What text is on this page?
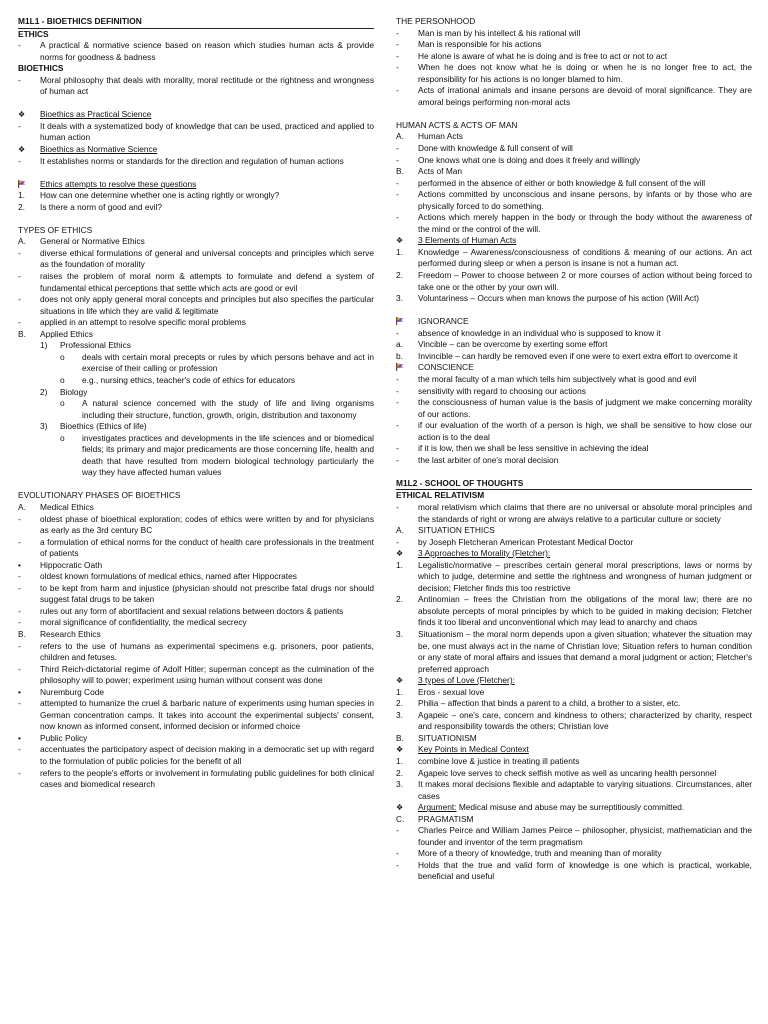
M1L1 - BIOETHICS DEFINITION
ETHICS
-	A practical & normative science based on reason which studies human acts & provide norms for goodness & badness
BIOETHICS
-	Moral philosophy that deals with morality, moral rectitude or the rightness and wrongness of human act
❖	Bioethics as Practical Science
-	It deals with a systematized body of knowledge that can be used, practiced and applied to human action
❖	Bioethics as Normative Science
-	It establishes norms or standards for the direction and regulation of human actions
Ethics attempts to resolve these questions
1.	How can one determine whether one is acting rightly or wrongly?
2.	Is there a norm of good and evil?
TYPES OF ETHICS
A.	General or Normative Ethics
-	diverse ethical formulations of general and universal concepts and principles which serve as the foundation of morality
-	raises the problem of moral norm & attempts to formulate and defend a system of fundamental ethical perceptions that settle which acts are good or evil
-	does not only apply general moral concepts and principles but also specifies the particular situations in life which they are valid & legitimate
-	applied in an attempt to resolve specific moral problems
B.	Applied Ethics
1)	Professional Ethics
o	deals with certain moral precepts or rules by which persons behave and act in exercise of their calling or profession
o	e.g., nursing ethics, teacher's code of ethics for educators
2)	Biology
o	A natural science concerned with the study of life and living organisms including their structure, function, growth, origin, distribution and taxonomy
3)	Bioethics (Ethics of life)
o	investigates practices and developments in the life sciences and or biomedical fields; its primary and major predicaments are those concerning life, health and death that have resulted from modern biological technology particularly the way they have affected human values
EVOLUTIONARY PHASES OF BIOETHICS
A.	Medical Ethics
-	oldest phase of bioethical exploration; codes of ethics were written by and for physicians as early as the 3rd century BC
-	a formulation of ethical norms for the conduct of health care professionals in the treatment of patients
•	Hippocratic Oath
-	oldest known formulations of medical ethics, named after Hippocrates
-	to be kept from harm and injustice (physician should not prescribe fatal drugs nor should suggest fatal drugs to be taken
-	rules out any form of abortifacient and sexual relations between doctors & patients
-	moral significance of confidentiality, the medical secrecy
B.	Research Ethics
-	refers to the use of humans as experimental specimens e.g. prisoners, poor patients, children and fetuses.
-	Third Reich-dictatorial regime of Adolf Hitler; superman concept as the culmination of the philosophy will to power; experiment using human without consent was done
•	Nuremburg Code
-	attempted to humanize the cruel & barbaric nature of experiments using human species in German concentration camps. It takes into account the experimental subjects' consent, now known as informed consent, informed decision or informed choice
•	Public Policy
-	accentuates the participatory aspect of decision making in a democratic set up with regard to the formulation of public policies for the benefit of all
-	refers to the people's efforts or involvement in formulating public guidelines for both clinical cases and biomedical research
THE PERSONHOOD
-	Man is man by his intellect & his rational will
-	Man is responsible for his actions
-	He alone is aware of what he is doing and is free to act or not to act
-	When he does not know what he is doing or when he is no longer free to act, the responsibility for his actions is no longer blamed to him.
-	Acts of irrational animals and insane persons are devoid of moral significance. They are amoral beings performing non-moral acts
HUMAN ACTS & ACTS OF MAN
A.	Human Acts
-	Done with knowledge & full consent of will
-	One knows what one is doing and does it freely and willingly
B.	Acts of Man
-	performed in the absence of either or both knowledge & full consent of the will
-	Actions committed by unconscious and insane persons, by infants or by those who are physically forced to do something.
-	Actions which merely happen in the body or through the body without the awareness of the mind or the control of the will.
❖	3 Elements of Human Acts
1.	Knowledge – Awareness/consciousness of conditions & meaning of our actions. An act performed during sleep or when a person is insane is not a human act.
2.	Freedom – Power to choose between 2 or more courses of action without being forced to take one or the other by your own will.
3.	Voluntariness – Occurs when man knows the purpose of his action (Will Act)
IGNORANCE
-	absence of knowledge in an individual who is supposed to know it
a.	Vincible – can be overcome by exerting some effort
b.	Invincible – can hardly be removed even if one were to exert extra effort to overcome it
CONSCIENCE
-	the moral faculty of a man which tells him subjectively what is good and evil
-	sensitivity with regard to choosing our actions
-	the consciousness of human value is the basis of judgment we make concerning morality of our actions.
-	if our evaluation of the worth of a person is high, we shall be sensitive to how close our action is to the deal
-	if it is low, then we shall be less sensitive in achieving the ideal
-	the last arbiter of one's moral decision
M1L2 - SCHOOL OF THOUGHTS
ETHICAL RELATIVISM
-	moral relativism which claims that there are no universal or absolute moral principles and the standards of right or wrong are always relative to a particular culture or society
A.	SITUATION ETHICS
-	by Joseph Fletcheran American Protestant Medical Doctor
❖	3 Approaches to Morality (Fletcher):
1.	Legalistic/normative – prescribes certain general moral prescriptions, laws or norms by which to judge, determine and settle the rightness and wrongness of human judgment or decision; Fletcher finds this too restrictive
2.	Antinomian – frees the Christian from the obligations of the moral law; there are no absolute percepts of moral principles by which to be guided in making decision; Fletcher finds it too liberal and unconventional which may lead to anarchy and chaos
3.	Situationism – the moral norm depends upon a given situation; whatever the situation may be, one must always act in the name of Christian love; Situation refers to human condition or any state of moral affairs and issues that demand a moral judgment or action; Fletcher's preferred approach
❖	3 types of Love (Fletcher):
1.	Eros - sexual love
2.	Philia – affection that binds a parent to a child, a brother to a sister, etc.
3.	Agapeic – one's care, concern and kindness to others; characterized by charity, respect and responsibility towards the others; Christian love
B.	SITUATIONISM
❖	Key Points in Medical Context
1.	combine love & justice in treating ill patients
2.	Agapeic love serves to check selfish motive as well as uncaring health personnel
3.	It makes moral decisions flexible and adaptable to varying situations. Circumstances, alter cases
❖	Argument: Medical misuse and abuse may be surreptitiously committed.
C.	PRAGMATISM
-	Charles Peirce and William James Peirce – philosopher, physicist, mathematician and the founder and inventor of the term pragmatism
-	More of a theory of knowledge, truth and meaning than of morality
-	Holds that the true and valid form of knowledge is one which is practical, workable, beneficial and useful
